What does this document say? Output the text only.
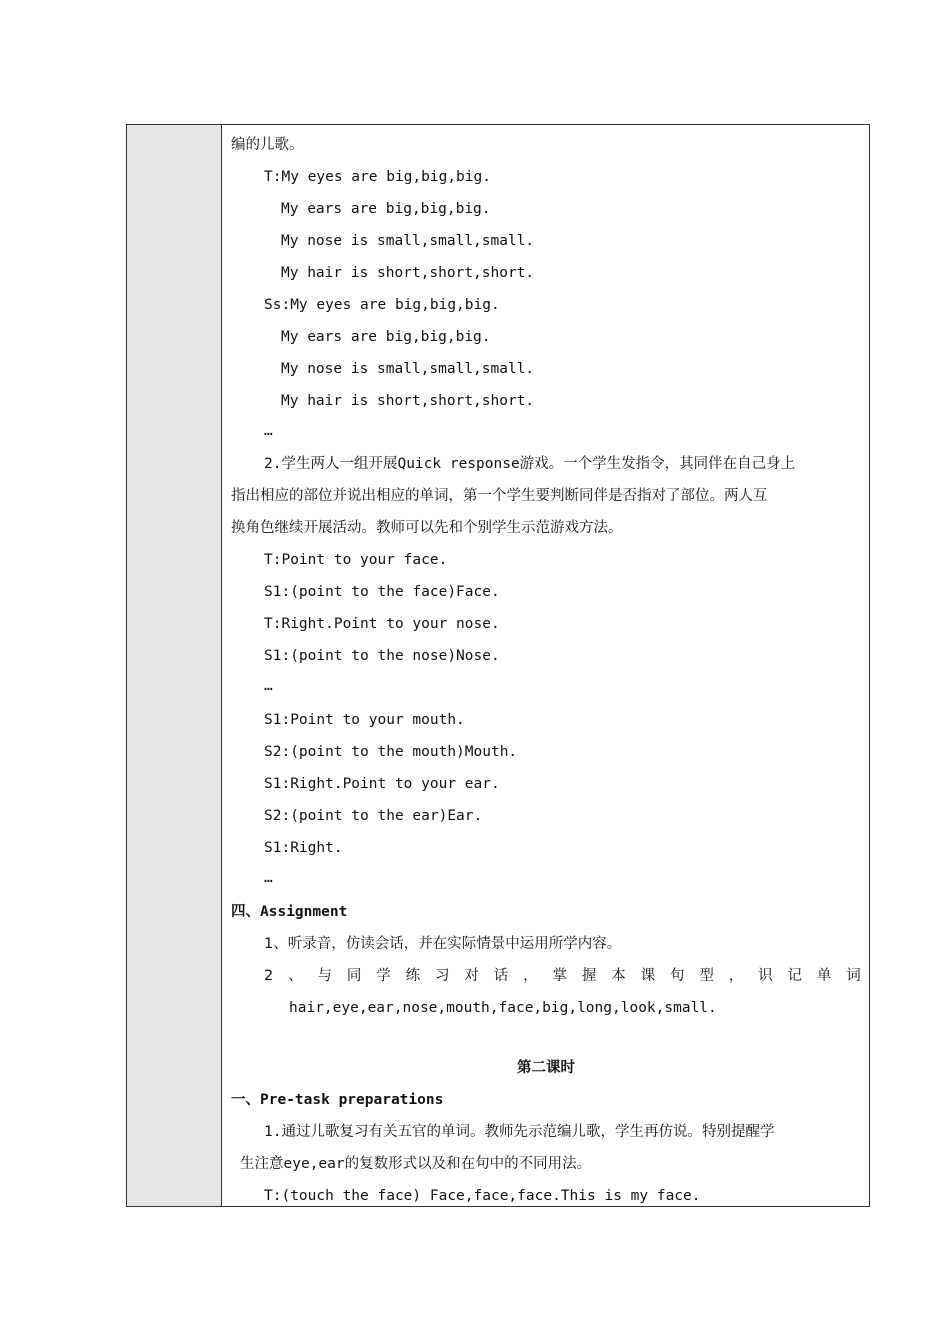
编的儿歌。
T:My eyes are big,big,big.
My ears are big,big,big.
My nose is small,small,small.
My hair is short,short,short.
Ss:My eyes are big,big,big.
My ears are big,big,big.
My nose is small,small,small.
My hair is short,short,short.
…
2.学生两人一组开展Quick response游戏。一个学生发指令，其同伴在自己身上
指出相应的部位并说出相应的单词，第一个学生要判断同伴是否指对了部位。两人互
换角色继续开展活动。教师可以先和个别学生示范游戏方法。
T:Point to your face.
S1:(point to the face)Face.
T:Right.Point to your nose.
S1:(point to the nose)Nose.
…
S1:Point to your mouth.
S2:(point to the mouth)Mouth.
S1:Right.Point to your ear.
S2:(point to the ear)Ear.
S1:Right.
…
四、Assignment
1、听录音，仿读会话，并在实际情景中运用所学内容。
2 、 与 同 学 练 习 对 话 ， 掌 握 本 课 句 型 ， 识 记 单 词
hair,eye,ear,nose,mouth,face,big,long,look,small.
第二课时
一、Pre-task preparations
1.通过儿歌复习有关五官的单词。教师先示范编儿歌，学生再仿说。特别提醒学
生注意eye,ear的复数形式以及和在句中的不同用法。
T:(touch the face) Face,face,face.This is my face.
